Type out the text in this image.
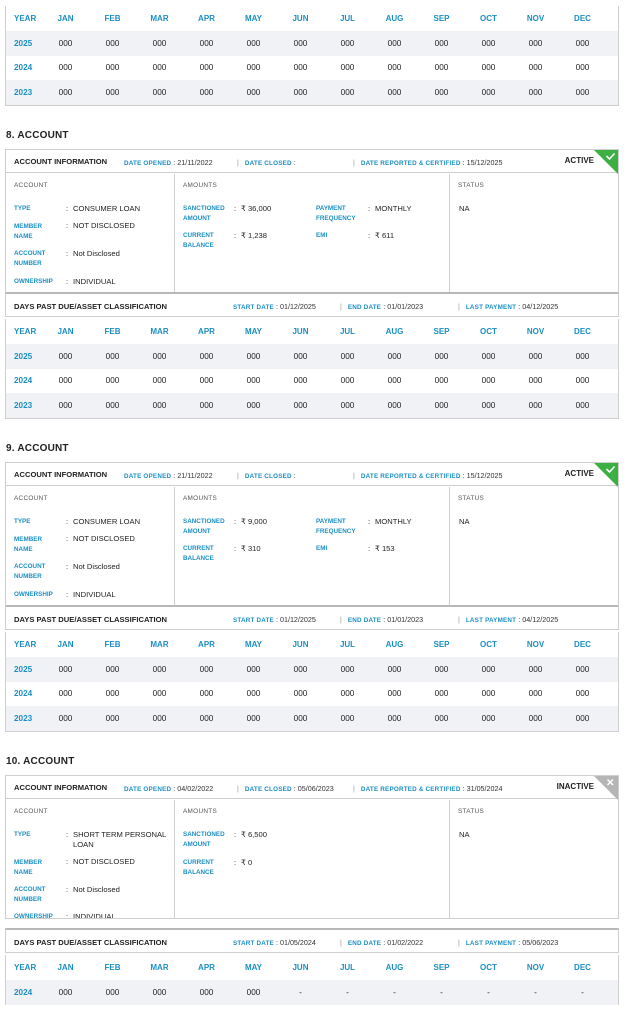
YEAR	JAN	FEB	MAR	APR	MAY	JUN	JUL	AUG	SEP	OCT	NOV	DEC
2025	000	000	000	000	000	000	000	000	000	000	000	000
2024	000	000	000	000	000	000	000	000	000	000	000	000
2023	000	000	000	000	000	000	000	000	000	000	000	000
8. ACCOUNT
ACCOUNT INFORMATION	DATE OPENED : 21/11/2022	| DATE CLOSED :	| DATE REPORTED & CERTIFIED : 15/12/2025	ACTIVE
ACCOUNT
TYPE	: CONSUMER LOAN
MEMBER NAME
: NOT DISCLOSED
ACCOUNT NUMBER
: Not Disclosed
OWNERSHIP	: INDIVIDUAL
AMOUNTS
SANCTIONED AMOUNT
: ₹ 36,000
CURRENT BALANCE
: ₹ 1,238
PAYMENT FREQUENCY
: MONTHLY
EMI	: ₹ 611
STATUS
NA
DAYS PAST DUE/ASSET CLASSIFICATION	START DATE : 01/12/2025	| END DATE : 01/01/2023	| LAST PAYMENT : 04/12/2025
YEAR	JAN	FEB	MAR	APR	MAY	JUN	JUL	AUG	SEP	OCT	NOV	DEC
2025	000	000	000	000	000	000	000	000	000	000	000	000
2024	000	000	000	000	000	000	000	000	000	000	000	000
2023	000	000	000	000	000	000	000	000	000	000	000	000
9. ACCOUNT
ACCOUNT INFORMATION	DATE OPENED : 21/11/2022	| DATE CLOSED :	| DATE REPORTED & CERTIFIED : 15/12/2025	ACTIVE
ACCOUNT
TYPE	: CONSUMER LOAN
MEMBER NAME
: NOT DISCLOSED
ACCOUNT NUMBER
: Not Disclosed
OWNERSHIP	: INDIVIDUAL
AMOUNTS
SANCTIONED AMOUNT
: ₹ 9,000
CURRENT BALANCE
: ₹ 310
PAYMENT FREQUENCY
: MONTHLY
EMI	: ₹ 153
STATUS
NA
DAYS PAST DUE/ASSET CLASSIFICATION	START DATE : 01/12/2025	| END DATE : 01/01/2023	| LAST PAYMENT : 04/12/2025
YEAR	JAN	FEB	MAR	APR	MAY	JUN	JUL	AUG	SEP	OCT	NOV	DEC
2025	000	000	000	000	000	000	000	000	000	000	000	000
2024	000	000	000	000	000	000	000	000	000	000	000	000
2023	000	000	000	000	000	000	000	000	000	000	000	000
10. ACCOUNT
ACCOUNT INFORMATION	DATE OPENED : 04/02/2022	| DATE CLOSED : 05/06/2023	| DATE REPORTED & CERTIFIED : 31/05/2024	INACTIVE
ACCOUNT
TYPE	: SHORT TERM PERSONAL LOAN
MEMBER NAME
: NOT DISCLOSED
ACCOUNT NUMBER
: Not Disclosed
OWNERSHIP	: INDIVIDUAL
AMOUNTS
SANCTIONED AMOUNT
: ₹ 6,500
CURRENT BALANCE
: ₹ 0
STATUS
NA
DAYS PAST DUE/ASSET CLASSIFICATION	START DATE : 01/05/2024	| END DATE : 01/02/2022	| LAST PAYMENT : 05/06/2023
YEAR	JAN	FEB	MAR	APR	MAY	JUN	JUL	AUG	SEP	OCT	NOV	DEC
2024	000	000	000	000	000	-	-	-	-	-	-	-
